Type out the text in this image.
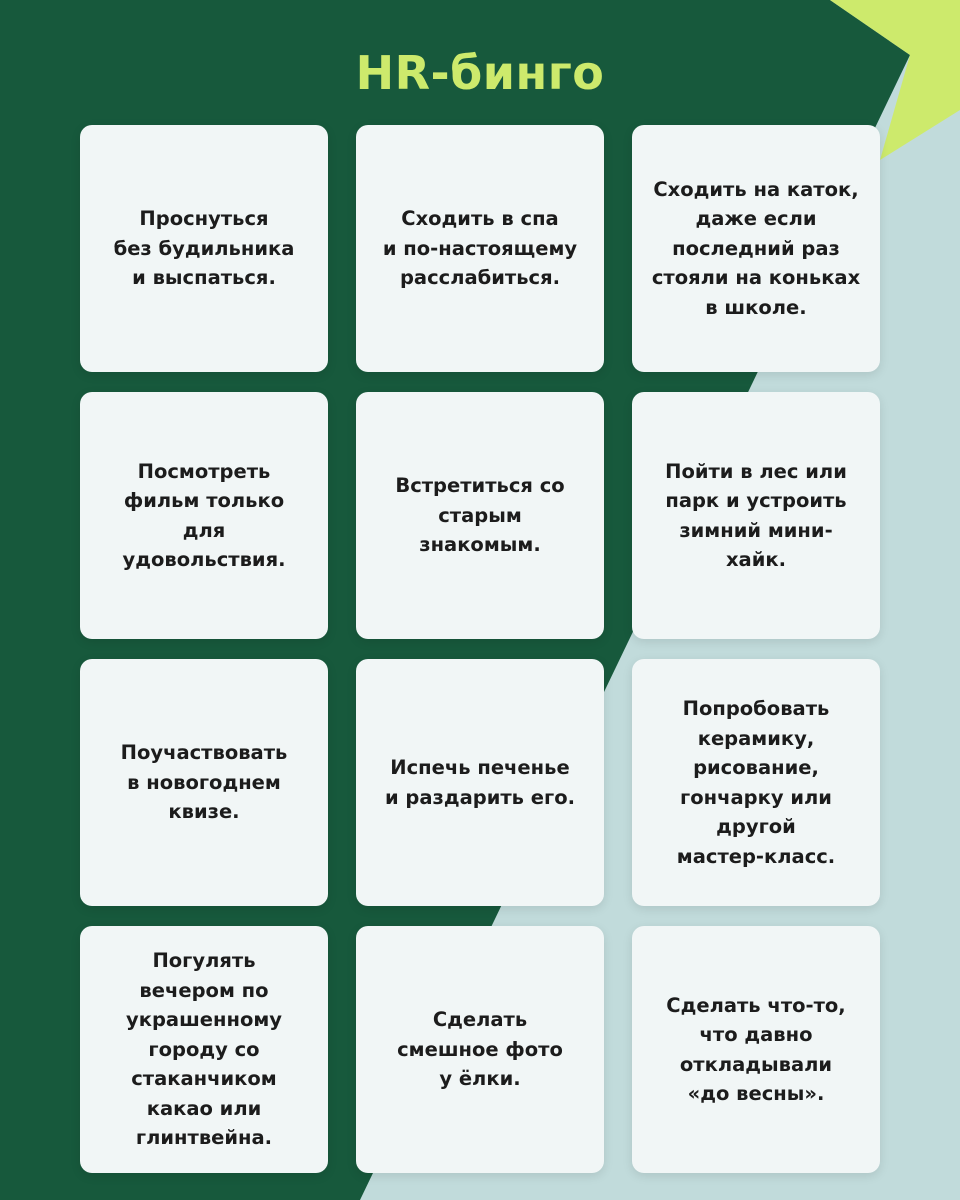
HR-бинго
Проснуться
без будильника
и выспаться.
Сходить в спа
и по-настоящему
расслабиться.
Сходить на каток,
даже если
последний раз
стояли на коньках
в школе.
Посмотреть
фильм только
для
удовольствия.
Встретиться со
старым
знакомым.
Пойти в лес или
парк и устроить
зимний мини-
хайк.
Поучаствовать
в новогоднем
квизе.
Испечь печенье
и раздарить его.
Попробовать
керамику,
рисование,
гончарку или
другой
мастер-класс.
Погулять
вечером по
украшенному
городу со
стаканчиком
какао или
глинтвейна.
Сделать
смешное фото
у ёлки.
Сделать что-то,
что давно
откладывали
«до весны».
